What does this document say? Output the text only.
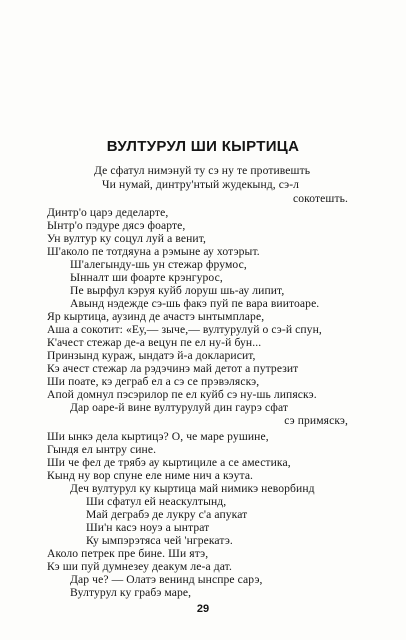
ВУЛТУРУЛ ШИ КЫРТИЦА
Де сфатул нимэнуй ту сэ ну те противешть
Чи нумай, динтру'нтый жудекынд, сэ-л
сокотешть.
Динтр'о царэ деделарте,
Ынтр'о пэдуре дясэ фоарте,
Ун вултур ку соцул луй а венит,
Ш'аколо пе тотдяуна а рэмыне ау хотэрыт.
Ш'алегынду-шь ун стежар фрумос,
Ынналт ши фоарте крэнгурос,
Пе вырфул кэруя куйб лоруш шь-ау липит,
Авынд нэдежде сэ-шь факэ пуй пе вара виитоаре.
Яр кыртица, аузинд де ачастэ ынтымпларе,
Аша а сокотит: «Еу,— зыче,— вултурулуй о сэ-й спун,
К'ачест стежар де-а вецун пе ел ну-й бун...
Принзынд кураж, ындатэ й-а докларисит,
Кэ ачест стежар ла рэдэчинэ май детот а путрезит
Ши поате, кэ деграб ел а сэ се прэвэляскэ,
Апой домнул пэсэрилор пе ел куйб сэ ну-шь липяскэ.
Дар оаре-й вине вултурулуй дин гаурэ сфат
сэ примяскэ,
Ши ынкэ дела кыртицэ? О, че маре рушине,
Гындя ел ынтру сине.
Ши че фел де трябэ ау кыртициле а се аместика,
Кынд ну вор спуне еле ниме нич а кэута.
Деч вултурул ку кыртица май нимикэ неворбинд
Ши сфатул ей неаскултынд,
Май деграбэ де лукру с'а апукат
Ши'н касэ ноуэ а ынтрат
Ку ымпэрэтяса чей 'нгрекатэ.
Аколо петрек пре бине. Ши ятэ,
Кэ ши пуй думнезеу деакум ле-а дат.
Дар че? — Олатэ венинд ынспре сарэ,
Вултурул ку грабэ маре,
29
